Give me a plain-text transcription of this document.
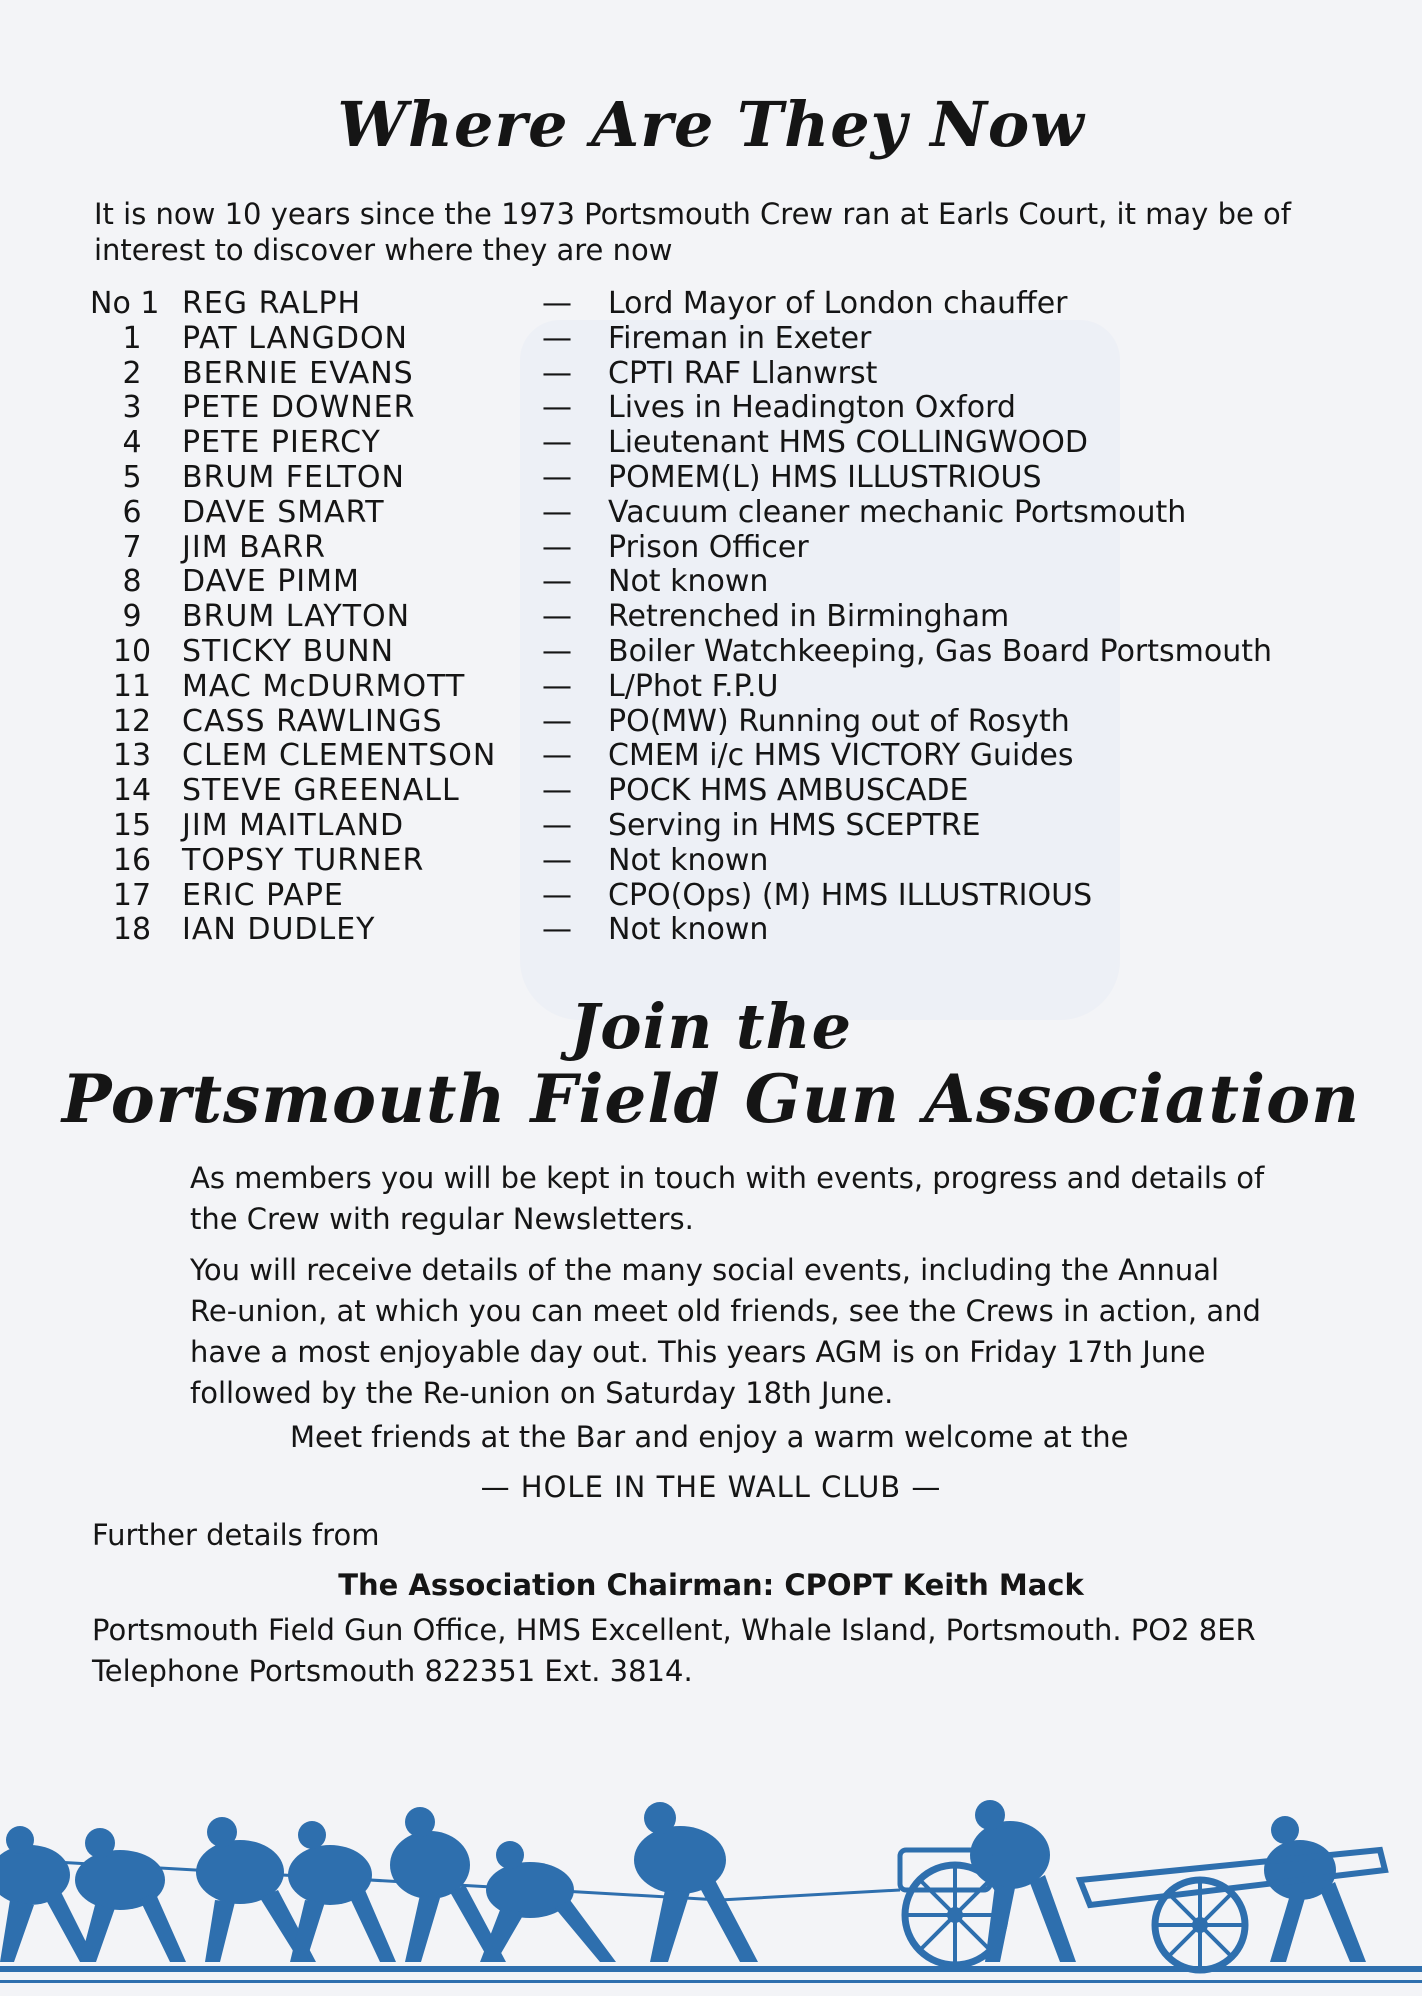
Where Are They Now

It is now 10 years since the 1973 Portsmouth Crew ran at Earls Court, it may be of interest to discover where they are now

No 1 REG RALPH	— Lord Mayor of London chauffer
1	PAT LANGDON	— Fireman in Exeter
2	BERNIE EVANS	— CPTI RAF Llanwrst
3	PETE DOWNER	— Lives in Headington Oxford
4	PETE PIERCY	— Lieutenant HMS COLLINGWOOD
5	BRUM FELTON	— POMEM(L) HMS ILLUSTRIOUS
6	DAVE SMART	— Vacuum cleaner mechanic Portsmouth
7	JIM BARR	— Prison Officer
8	DAVE PIMM	— Not known
9	BRUM LAYTON	— Retrenched in Birmingham
10	STICKY BUNN	— Boiler Watchkeeping, Gas Board Portsmouth
11	MAC McDURMOTT	— L/Phot F.P.U
12	CASS RAWLINGS	— PO(MW) Running out of Rosyth
13	CLEM CLEMENTSON — CMEM i/c HMS VICTORY Guides
14	STEVE GREENALL	— POCK HMS AMBUSCADE
15	JIM MAITLAND	— Serving in HMS SCEPTRE
16	TOPSY TURNER	— Not known
17	ERIC PAPE	— CPO(Ops) (M) HMS ILLUSTRIOUS
18	IAN DUDLEY	— Not known
Join the
Portsmouth Field Gun Association

As members you will be kept in touch with events, progress and details of the Crew with regular Newsletters.

You will receive details of the many social events, including the Annual Re-union, at which you can meet old friends, see the Crews in action, and have a most enjoyable day out. This years AGM is on Friday 17th June followed by the Re-union on Saturday 18th June.

Meet friends at the Bar and enjoy a warm welcome at the

— HOLE IN THE WALL CLUB —

Further details from

The Association Chairman: CPOPT Keith Mack

Portsmouth Field Gun Office, HMS Excellent, Whale Island, Portsmouth. PO2 8ER
Telephone Portsmouth 822351 Ext. 3814.
